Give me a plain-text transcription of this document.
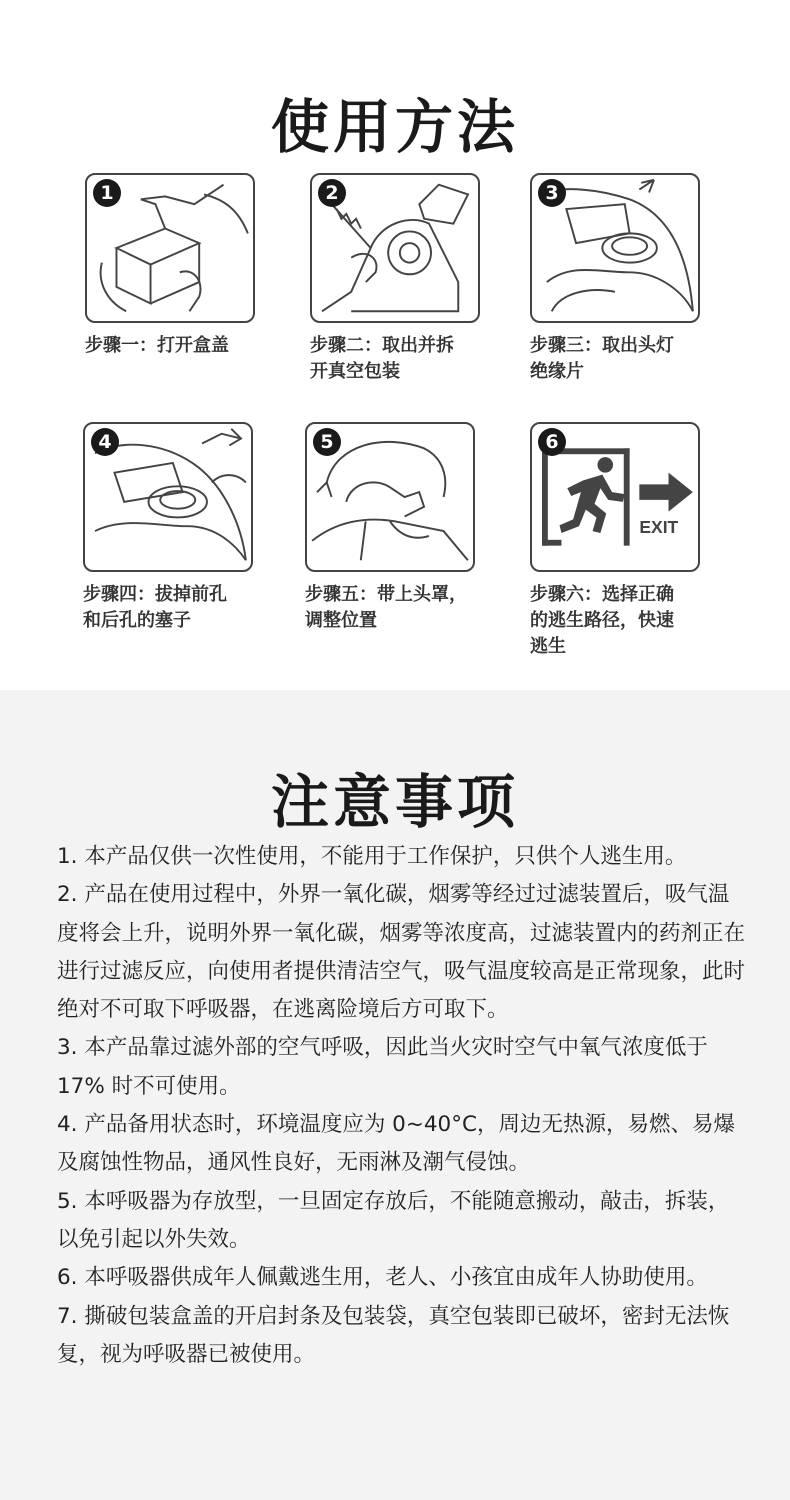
使用方法
1
步骤一：打开盒盖
2
步骤二：取出并拆
开真空包装
3
步骤三：取出头灯
绝缘片
4
步骤四：拔掉前孔
和后孔的塞子
5
步骤五：带上头罩，
调整位置
EXIT
6
步骤六：选择正确
的逃生路径，快速
逃生
注意事项

1. 本产品仅供一次性使用，不能用于工作保护，只供个人逃生用。

2. 产品在使用过程中，外界一氧化碳，烟雾等经过过滤装置后，吸气温度将会上升，说明外界一氧化碳，烟雾等浓度高，过滤装置内的药剂正在进行过滤反应，向使用者提供清洁空气，吸气温度较高是正常现象，此时绝对不可取下呼吸器，在逃离险境后方可取下。

3. 本产品靠过滤外部的空气呼吸，因此当火灾时空气中氧气浓度低于 17% 时不可使用。

4. 产品备用状态时，环境温度应为 0~40°C，周边无热源，易燃、易爆及腐蚀性物品，通风性良好，无雨淋及潮气侵蚀。

5. 本呼吸器为存放型，一旦固定存放后，不能随意搬动，敲击，拆装，以免引起以外失效。

6. 本呼吸器供成年人佩戴逃生用，老人、小孩宜由成年人协助使用。

7. 撕破包装盒盖的开启封条及包装袋，真空包装即已破坏，密封无法恢复，视为呼吸器已被使用。
